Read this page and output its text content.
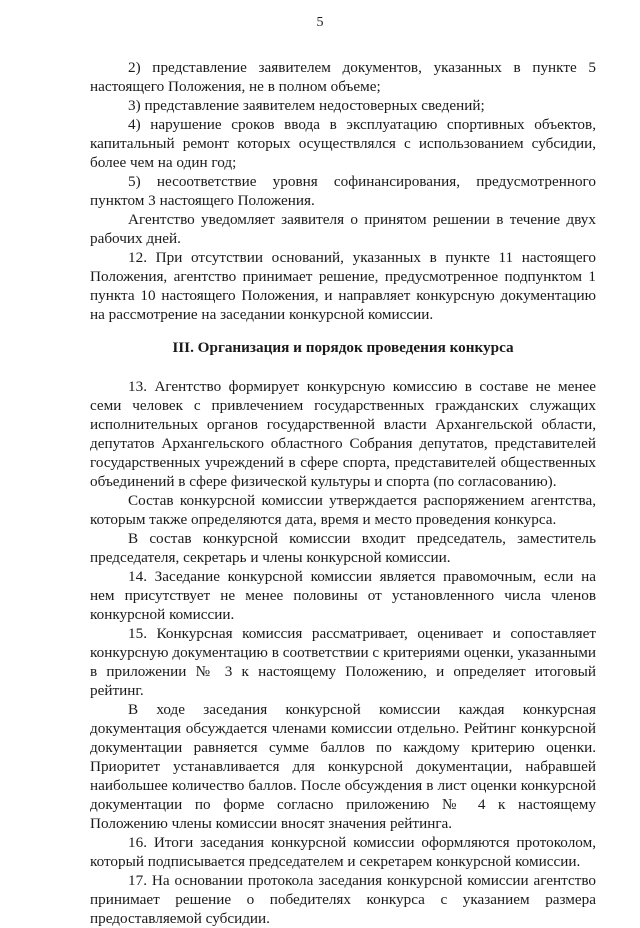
5

2) представление заявителем документов, указанных в пункте 5 настоящего Положения, не в полном объеме;

3) представление заявителем недостоверных сведений;

4) нарушение сроков ввода в эксплуатацию спортивных объектов, капитальный ремонт которых осуществлялся с использованием субсидии, более чем на один год;

5) несоответствие уровня софинансирования, предусмотренного пунктом 3 настоящего Положения.

Агентство уведомляет заявителя о принятом решении в течение двух рабочих дней.

12. При отсутствии оснований, указанных в пункте 11 настоящего Положения, агентство принимает решение, предусмотренное подпунктом 1 пункта 10 настоящего Положения, и направляет конкурсную документацию на рассмотрение на заседании конкурсной комиссии.

III. Организация и порядок проведения конкурса

13. Агентство формирует конкурсную комиссию в составе не менее семи человек с привлечением государственных гражданских служащих исполнительных органов государственной власти Архангельской области, депутатов Архангельского областного Собрания депутатов, представителей государственных учреждений в сфере спорта, представителей общественных объединений в сфере физической культуры и спорта (по согласованию).

Состав конкурсной комиссии утверждается распоряжением агентства, которым также определяются дата, время и место проведения конкурса.

В состав конкурсной комиссии входит председатель, заместитель председателя, секретарь и члены конкурсной комиссии.

14. Заседание конкурсной комиссии является правомочным, если на нем присутствует не менее половины от установленного числа членов конкурсной комиссии.

15. Конкурсная комиссия рассматривает, оценивает и сопоставляет конкурсную документацию в соответствии с критериями оценки, указанными в приложении № 3 к настоящему Положению, и определяет итоговый рейтинг.

В ходе заседания конкурсной комиссии каждая конкурсная документация обсуждается членами комиссии отдельно. Рейтинг конкурсной документации равняется сумме баллов по каждому критерию оценки. Приоритет устанавливается для конкурсной документации, набравшей наибольшее количество баллов. После обсуждения в лист оценки конкурсной документации по форме согласно приложению № 4 к настоящему Положению члены комиссии вносят значения рейтинга.

16. Итоги заседания конкурсной комиссии оформляются протоколом, который подписывается председателем и секретарем конкурсной комиссии.

17. На основании протокола заседания конкурсной комиссии агентство принимает решение о победителях конкурса с указанием размера предоставляемой субсидии.
